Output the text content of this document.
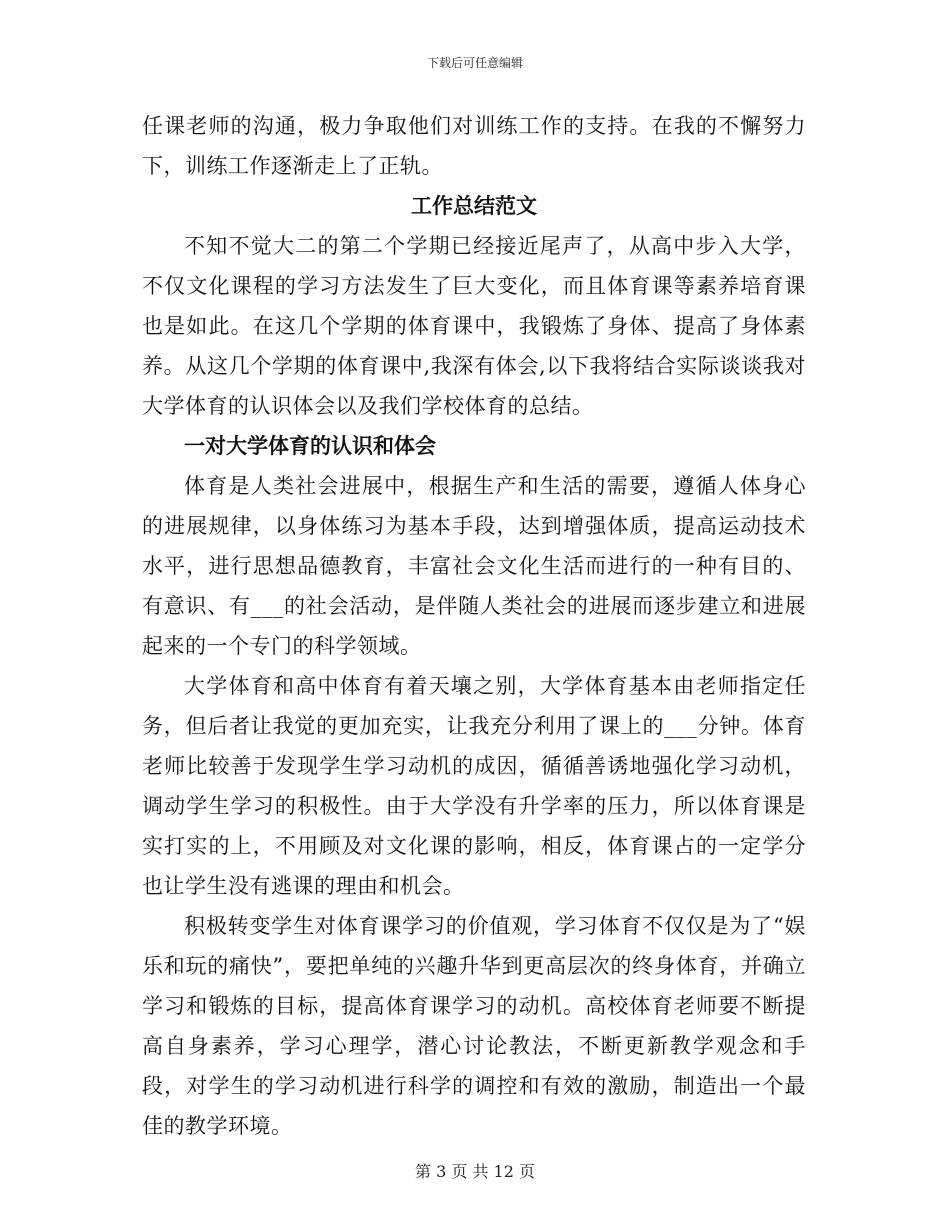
下载后可任意编辑

任课老师的沟通，极力争取他们对训练工作的支持。在我的不懈努力下，训练工作逐渐走上了正轨。

工作总结范文

不知不觉大二的第二个学期已经接近尾声了，从高中步入大学，不仅文化课程的学习方法发生了巨大变化，而且体育课等素养培育课也是如此。在这几个学期的体育课中，我锻炼了身体、提高了身体素养。从这几个学期的体育课中,我深有体会,以下我将结合实际谈谈我对大学体育的认识体会以及我们学校体育的总结。

一对大学体育的认识和体会

体育是人类社会进展中，根据生产和生活的需要，遵循人体身心的进展规律，以身体练习为基本手段，达到增强体质，提高运动技术水平，进行思想品德教育，丰富社会文化生活而进行的一种有目的、有意识、有___的社会活动，是伴随人类社会的进展而逐步建立和进展起来的一个专门的科学领域。

大学体育和高中体育有着天壤之别，大学体育基本由老师指定任务，但后者让我觉的更加充实，让我充分利用了课上的___分钟。体育老师比较善于发现学生学习动机的成因，循循善诱地强化学习动机，调动学生学习的积极性。由于大学没有升学率的压力，所以体育课是实打实的上，不用顾及对文化课的影响，相反，体育课占的一定学分也让学生没有逃课的理由和机会。

积极转变学生对体育课学习的价值观，学习体育不仅仅是为了“娱乐和玩的痛快”，要把单纯的兴趣升华到更高层次的终身体育，并确立学习和锻炼的目标，提高体育课学习的动机。高校体育老师要不断提高自身素养，学习心理学，潜心讨论教法，不断更新教学观念和手段，对学生的学习动机进行科学的调控和有效的激励，制造出一个最佳的教学环境。

第 3 页 共 12 页
